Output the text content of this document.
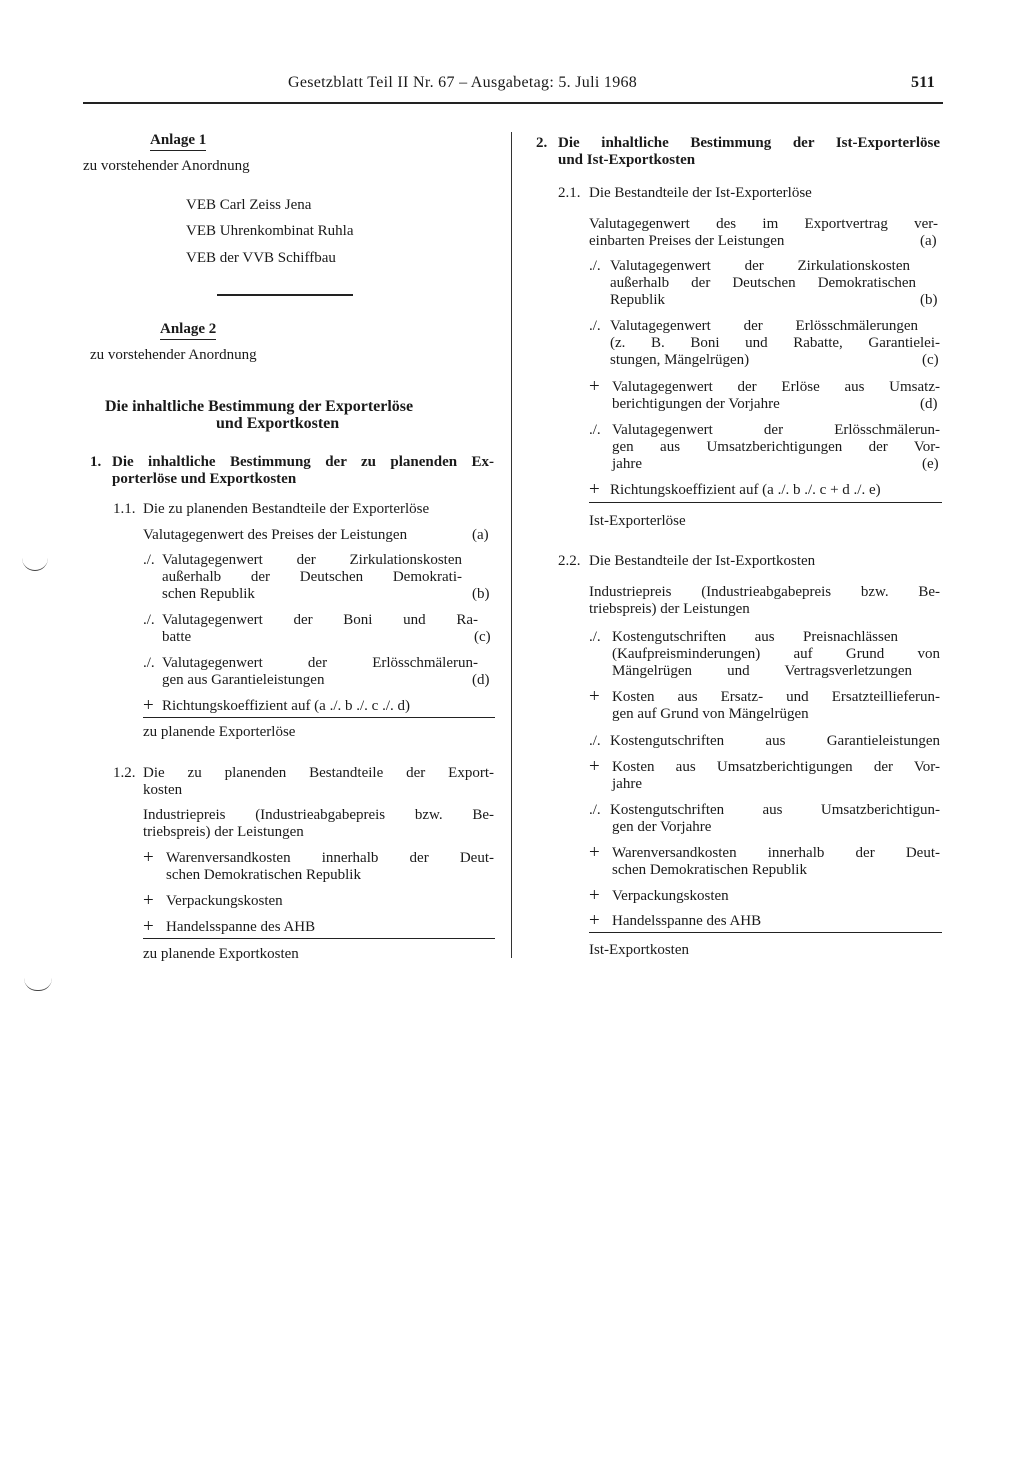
Gesetzblatt Teil II Nr. 67 – Ausgabetag: 5. Juli 1968	511
Anlage 1
zu vorstehender Anordnung
VEB Carl Zeiss Jena
VEB Uhrenkombinat Ruhla
VEB der VVB Schiffbau
Anlage 2
zu vorstehender Anordnung
Die inhaltliche Bestimmung der Exporterlöse
und Exportkosten
1. Die inhaltliche Bestimmung der zu planenden Ex-
porterlöse und Exportkosten
1.1. Die zu planenden Bestandteile der Exporterlöse
Valutagegenwert des Preises der Leistungen	(a)
./. Valutagegenwert der Zirkulationskosten
außerhalb der Deutschen Demokrati-
schen Republik	(b)
./. Valutagegenwert der Boni und Ra-
batte	(c)
./. Valutagegenwert der Erlösschmälerun-
gen aus Garantieleistungen	(d)
+ Richtungskoeffizient auf (a ./. b ./. c ./. d)
zu planende Exporterlöse
1.2. Die zu planenden Bestandteile der Export-
kosten
Industriepreis (Industrieabgabepreis bzw. Be-
triebspreis) der Leistungen
+ Warenversandkosten innerhalb der Deut-
schen Demokratischen Republik
+ Verpackungskosten
+ Handelsspanne des AHB
zu planende Exportkosten
2. Die inhaltliche Bestimmung der Ist-Exporterlöse
und Ist-Exportkosten
2.1. Die Bestandteile der Ist-Exporterlöse
Valutagegenwert des im Exportvertrag ver-
einbarten Preises der Leistungen	(a)
./. Valutagegenwert der Zirkulationskosten
außerhalb der Deutschen Demokratischen
Republik	(b)
./. Valutagegenwert der Erlösschmälerungen
(z. B. Boni und Rabatte, Garantielei-
stungen, Mängelrügen)	(c)
+ Valutagegenwert der Erlöse aus Umsatz-
berichtigungen der Vorjahre	(d)
./. Valutagegenwert der Erlösschmälerun-
gen aus Umsatzberichtigungen der Vor-
jahre	(e)
+ Richtungskoeffizient auf (a ./. b ./. c + d ./. e)
Ist-Exporterlöse
2.2. Die Bestandteile der Ist-Exportkosten
Industriepreis (Industrieabgabepreis bzw. Be-
triebspreis) der Leistungen
./. Kostengutschriften aus Preisnachlässen
(Kaufpreisminderungen) auf Grund von
Mängelrügen und Vertragsverletzungen
+ Kosten aus Ersatz- und Ersatzteillieferun-
gen auf Grund von Mängelrügen
./. Kostengutschriften aus Garantieleistungen
+ Kosten aus Umsatzberichtigungen der Vor-
jahre
./. Kostengutschriften aus Umsatzberichtigun-
gen der Vorjahre
+ Warenversandkosten innerhalb der Deut-
schen Demokratischen Republik
+ Verpackungskosten
+ Handelsspanne des AHB
Ist-Exportkosten
